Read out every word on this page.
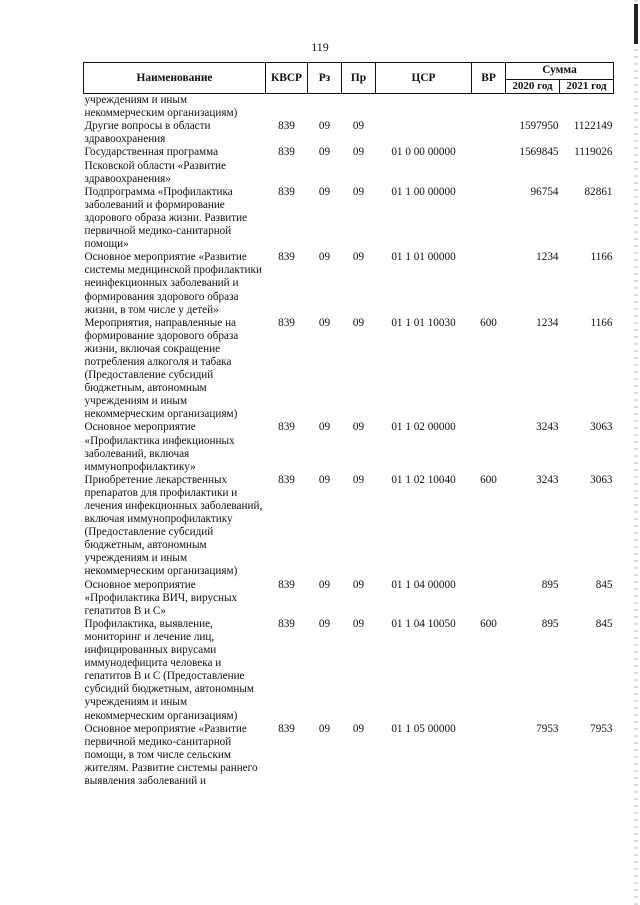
119
Наименование	КВСР	Рз	Пр	ЦСР	ВР	Сумма	
						2020 год	2021 год
учреждениям и иным некоммерческим организациям)							
Другие вопросы в области здравоохранения	839	09	09			1597950	1122149
Государственная программа Псковской области «Развитие здравоохранения»	839	09	09	01 0 00 00000		1569845	1119026
Подпрограмма «Профилактика заболеваний и формирование здорового образа жизни. Развитие первичной медико-санитарной помощи»	839	09	09	01 1 00 00000		96754	82861
Основное мероприятие «Развитие системы медицинской профилактики неинфекционных заболеваний и формирования здорового образа жизни, в том числе у детей»	839	09	09	01 1 01 00000		1234	1166
Мероприятия, направленные на формирование здорового образа жизни, включая сокращение потребления алкоголя и табака (Предоставление субсидий бюджетным, автономным учреждениям и иным некоммерческим организациям)	839	09	09	01 1 01 10030	600	1234	1166
Основное мероприятие «Профилактика инфекционных заболеваний, включая иммунопрофилактику»	839	09	09	01 1 02 00000		3243	3063
Приобретение лекарственных препаратов для профилактики и лечения инфекционных заболеваний, включая иммунопрофилактику (Предоставление субсидий бюджетным, автономным учреждениям и иным некоммерческим организациям)	839	09	09	01 1 02 10040	600	3243	3063
Основное мероприятие «Профилактика ВИЧ, вирусных гепатитов В и С»	839	09	09	01 1 04 00000		895	845
Профилактика, выявление, мониторинг и лечение лиц, инфицированных вирусами иммунодефицита человека и гепатитов В и С (Предоставление субсидий бюджетным, автономным учреждениям и иным некоммерческим организациям)	839	09	09	01 1 04 10050	600	895	845
Основное мероприятие «Развитие первичной медико-санитарной помощи, в том числе сельским жителям. Развитие системы раннего выявления заболеваний и	839	09	09	01 1 05 00000		7953	7953
